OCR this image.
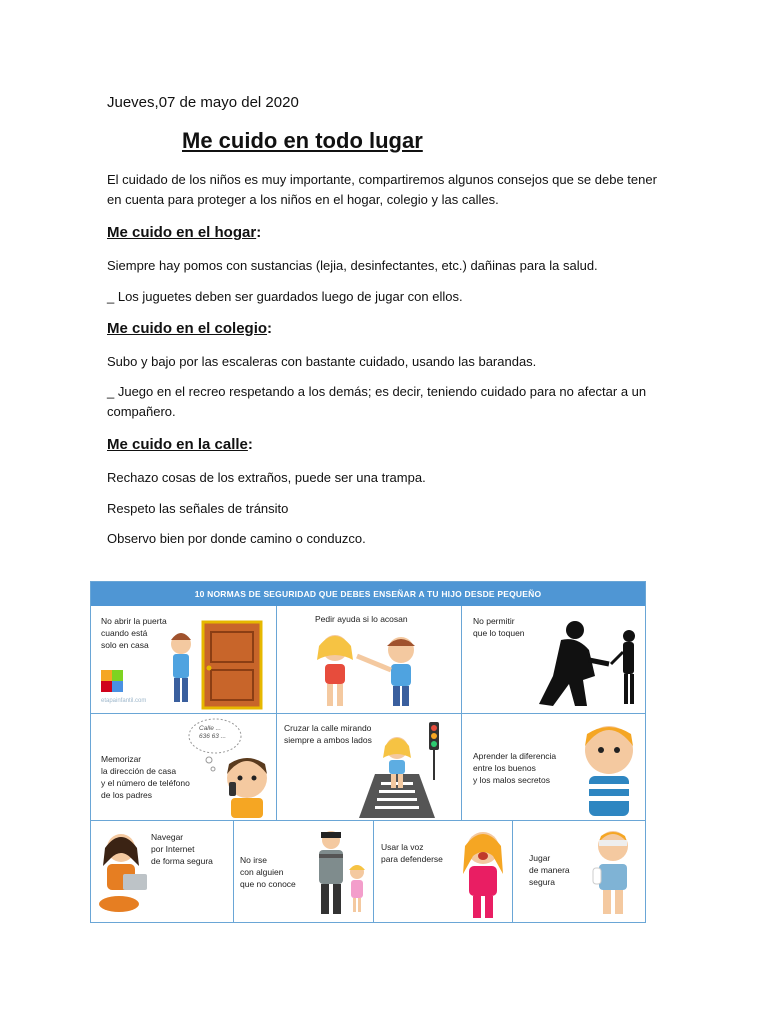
Jueves,07 de mayo del 2020
Me cuido en todo lugar
El cuidado de los niños es muy importante, compartiremos algunos consejos que se debe tener en cuenta para proteger a los niños en el hogar, colegio y las calles.
Me cuido en el hogar:
Siempre hay pomos con sustancias (lejia, desinfectantes, etc.) dañinas para la salud.
_ Los juguetes deben ser guardados luego de jugar con ellos.
Me cuido en el colegio:
Subo y bajo por las escaleras con bastante cuidado, usando las barandas.
_ Juego en el recreo respetando a los demás; es decir, teniendo cuidado para no afectar a un compañero.
Me cuido en la calle:
Rechazo cosas de los extraños, puede ser una trampa.
Respeto las señales de tránsito
Observo bien por donde camino o conduzco.
10 NORMAS DE SEGURIDAD QUE DEBES ENSEÑAR A TU HIJO DESDE PEQUEÑO
No abrir la puerta
cuando está
solo en casa
etapainfantil.com
Pedir ayuda si lo acosan	No permitir
que lo toquen
Calle ...
636 63 ...
Memorizar
la dirección de casa
y el número de teléfono
de los padres
Cruzar la calle mirando
siempre a ambos lados
Aprender la diferencia
entre los buenos
y los malos secretos
Navegar
por Internet
de forma segura	No irse
con alguien
que no conoce
Usar la voz
para defenderse	Jugar
de manera
segura
